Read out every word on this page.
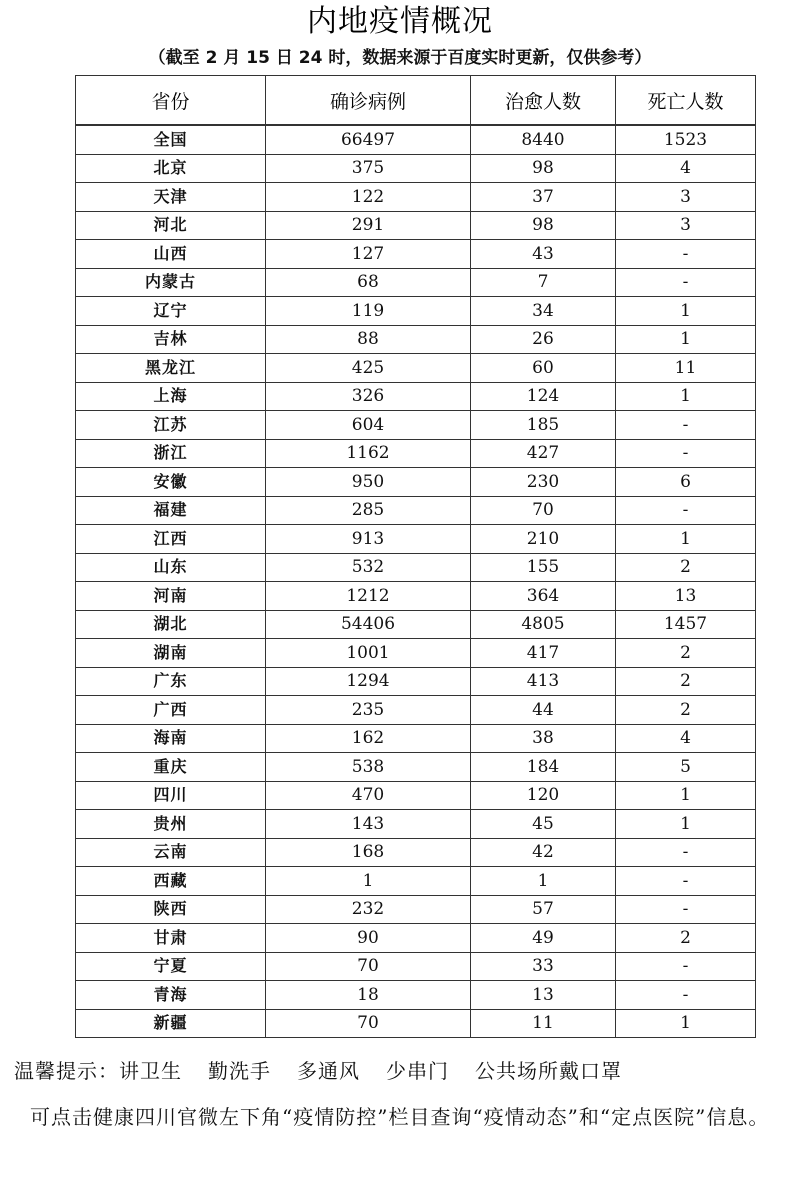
内地疫情概况
（截至 2 月 15 日 24 时，数据来源于百度实时更新，仅供参考）
省份	确诊病例	治愈人数	死亡人数
全国	66497	8440	1523
北京	375	98	4
天津	122	37	3
河北	291	98	3
山西	127	43	-
内蒙古	68	7	-
辽宁	119	34	1
吉林	88	26	1
黑龙江	425	60	11
上海	326	124	1
江苏	604	185	-
浙江	1162	427	-
安徽	950	230	6
福建	285	70	-
江西	913	210	1
山东	532	155	2
河南	1212	364	13
湖北	54406	4805	1457
湖南	1001	417	2
广东	1294	413	2
广西	235	44	2
海南	162	38	4
重庆	538	184	5
四川	470	120	1
贵州	143	45	1
云南	168	42	-
西藏	1	1	-
陕西	232	57	-
甘肃	90	49	2
宁夏	70	33	-
青海	18	13	-
新疆	70	11	1
温馨提示：讲卫生 勤洗手 多通风 少串门 公共场所戴口罩
可点击健康四川官微左下角“疫情防控”栏目查询“疫情动态”和“定点医院”信息。
